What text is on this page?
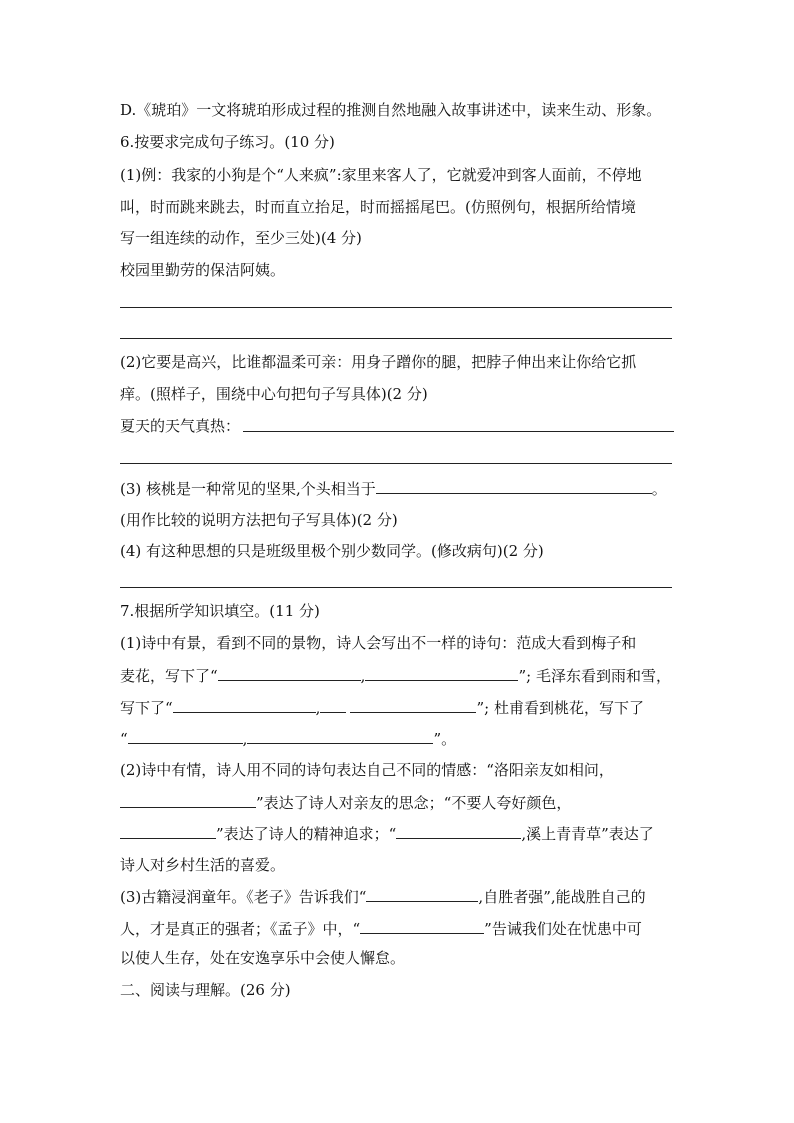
D.《琥珀》一文将琥珀形成过程的推测自然地融入故事讲述中，读来生动、形象。
6.按要求完成句子练习。(10 分)
(1)例：我家的小狗是个“人来疯”:家里来客人了，它就爱冲到客人面前，不停地
叫，时而跳来跳去，时而直立抬足，时而摇摇尾巴。(仿照例句，根据所给情境
写一组连续的动作，至少三处)(4 分)
校园里勤劳的保洁阿姨。
(2)它要是高兴，比谁都温柔可亲：用身子蹭你的腿，把脖子伸出来让你给它抓
痒。(照样子，围绕中心句把句子写具体)(2 分)
夏天的天气真热：
(3) 核桃是一种常见的坚果,个头相当于	。
(用作比较的说明方法把句子写具体)(2 分)
(4) 有这种思想的只是班级里极个别少数同学。(修改病句)(2 分)
7.根据所学知识填空。(11 分)
(1)诗中有景，看到不同的景物，诗人会写出不一样的诗句：范成大看到梅子和
麦花，写下了“	,	”; 毛泽东看到雨和雪，
写下了“	,	”; 杜甫看到桃花，写下了
“	,	”。
(2)诗中有情，诗人用不同的诗句表达自己不同的情感：“洛阳亲友如相问，
”表达了诗人对亲友的思念；“不要人夸好颜色，
”表达了诗人的精神追求；“	,溪上青青草”表达了
诗人对乡村生活的喜爱。
(3)古籍浸润童年。《老子》告诉我们“	,自胜者强”,能战胜自己的
人，才是真正的强者；《孟子》中，“	”告诫我们处在忧患中可
以使人生存，处在安逸享乐中会使人懈怠。
二、阅读与理解。(26 分)
